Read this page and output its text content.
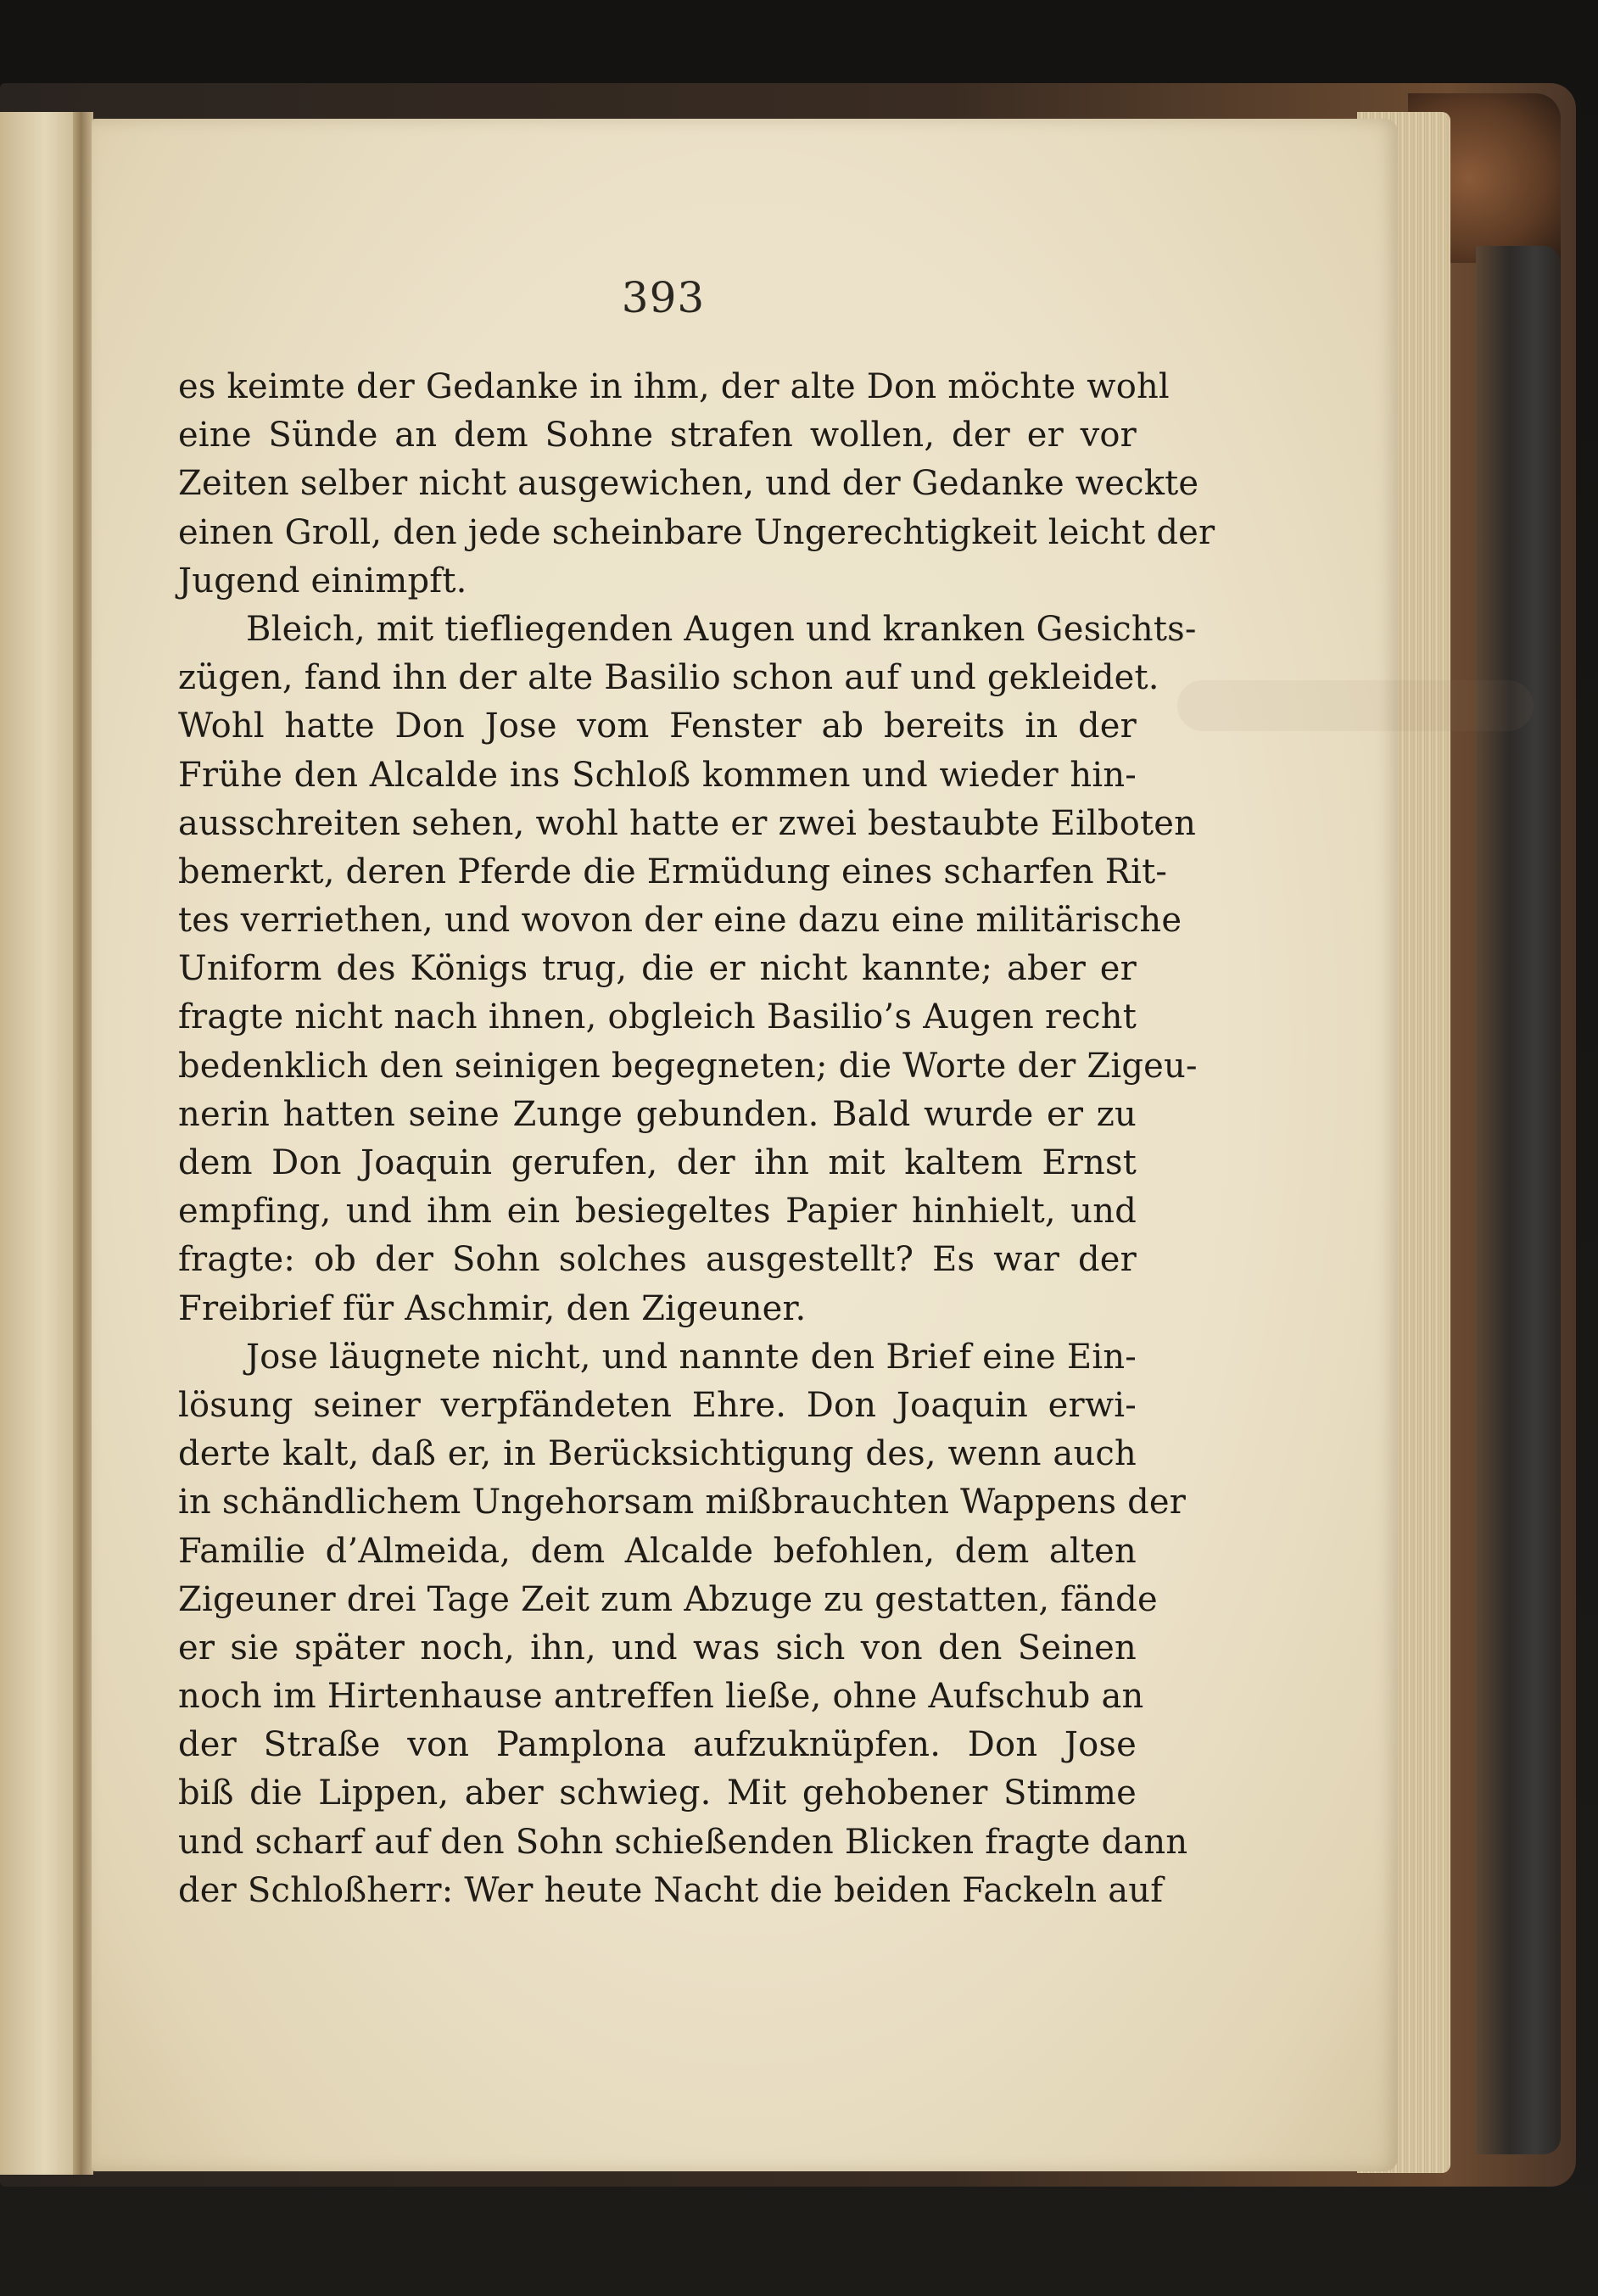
393
es keimte der Gedanke in ihm, der alte Don möchte wohl
eine Sünde an dem Sohne strafen wollen, der er vor
Zeiten selber nicht ausgewichen, und der Gedanke weckte
einen Groll, den jede scheinbare Ungerechtigkeit leicht der
Jugend einimpft.
Bleich, mit tiefliegenden Augen und kranken Gesichts-
zügen, fand ihn der alte Basilio schon auf und gekleidet.
Wohl hatte Don Jose vom Fenster ab bereits in der
Frühe den Alcalde ins Schloß kommen und wieder hin-
ausschreiten sehen, wohl hatte er zwei bestaubte Eilboten
bemerkt, deren Pferde die Ermüdung eines scharfen Rit-
tes verriethen, und wovon der eine dazu eine militärische
Uniform des Königs trug, die er nicht kannte; aber er
fragte nicht nach ihnen, obgleich Basilio’s Augen recht
bedenklich den seinigen begegneten; die Worte der Zigeu-
nerin hatten seine Zunge gebunden. Bald wurde er zu
dem Don Joaquin gerufen, der ihn mit kaltem Ernst
empfing, und ihm ein besiegeltes Papier hinhielt, und
fragte: ob der Sohn solches ausgestellt? Es war der
Freibrief für Aschmir, den Zigeuner.
Jose läugnete nicht, und nannte den Brief eine Ein-
lösung seiner verpfändeten Ehre. Don Joaquin erwi-
derte kalt, daß er, in Berücksichtigung des, wenn auch
in schändlichem Ungehorsam mißbrauchten Wappens der
Familie d’Almeida, dem Alcalde befohlen, dem alten
Zigeuner drei Tage Zeit zum Abzuge zu gestatten, fände
er sie später noch, ihn, und was sich von den Seinen
noch im Hirtenhause antreffen ließe, ohne Aufschub an
der Straße von Pamplona aufzuknüpfen. Don Jose
biß die Lippen, aber schwieg. Mit gehobener Stimme
und scharf auf den Sohn schießenden Blicken fragte dann
der Schloßherr: Wer heute Nacht die beiden Fackeln auf
